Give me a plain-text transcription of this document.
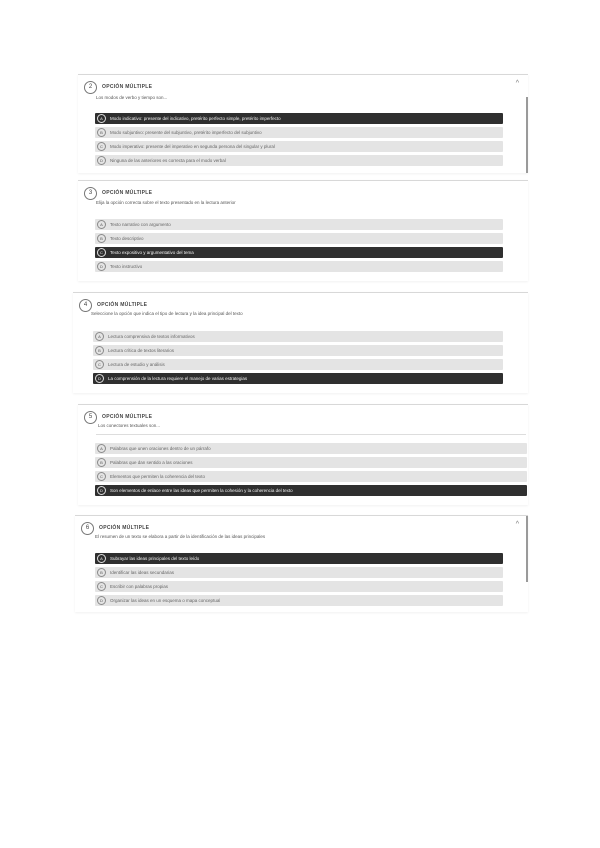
2	OPCIÓN MÚLTIPLE	^
Los modos de verbo y tiempo son...
A	Modo indicativo: presente del indicativo, pretérito perfecto simple, pretérito imperfecto
B	Modo subjuntivo: presente del subjuntivo, pretérito imperfecto del subjuntivo
C	Modo imperativo: presente del imperativo en segunda persona del singular y plural
D	Ninguna de las anteriores es correcta para el modo verbal
3	OPCIÓN MÚLTIPLE
Elija la opción correcta sobre el texto presentado en la lectura anterior
A	Texto narrativo con argumento
B	Texto descriptivo
C	Texto expositivo y argumentativo del tema
D	Texto instructivo
4	OPCIÓN MÚLTIPLE
Seleccione la opción que indica el tipo de lectura y la idea principal del texto
A	Lectura comprensiva de textos informativos
B	Lectura crítica de textos literarios
C	Lectura de estudio y análisis
D	La comprensión de la lectura requiere el manejo de varias estrategias
5	OPCIÓN MÚLTIPLE
Los conectores textuales son...
A	Palabras que unen oraciones dentro de un párrafo
B	Palabras que dan sentido a las oraciones
C	Elementos que permiten la coherencia del texto
D	Son elementos de enlace entre las ideas que permiten la cohesión y la coherencia del texto
6	OPCIÓN MÚLTIPLE	^
El resumen de un texto se elabora a partir de la identificación de las ideas principales
A	Subrayar las ideas principales del texto leído
B	Identificar las ideas secundarias
C	Escribir con palabras propias
D	Organizar las ideas en un esquema o mapa conceptual
